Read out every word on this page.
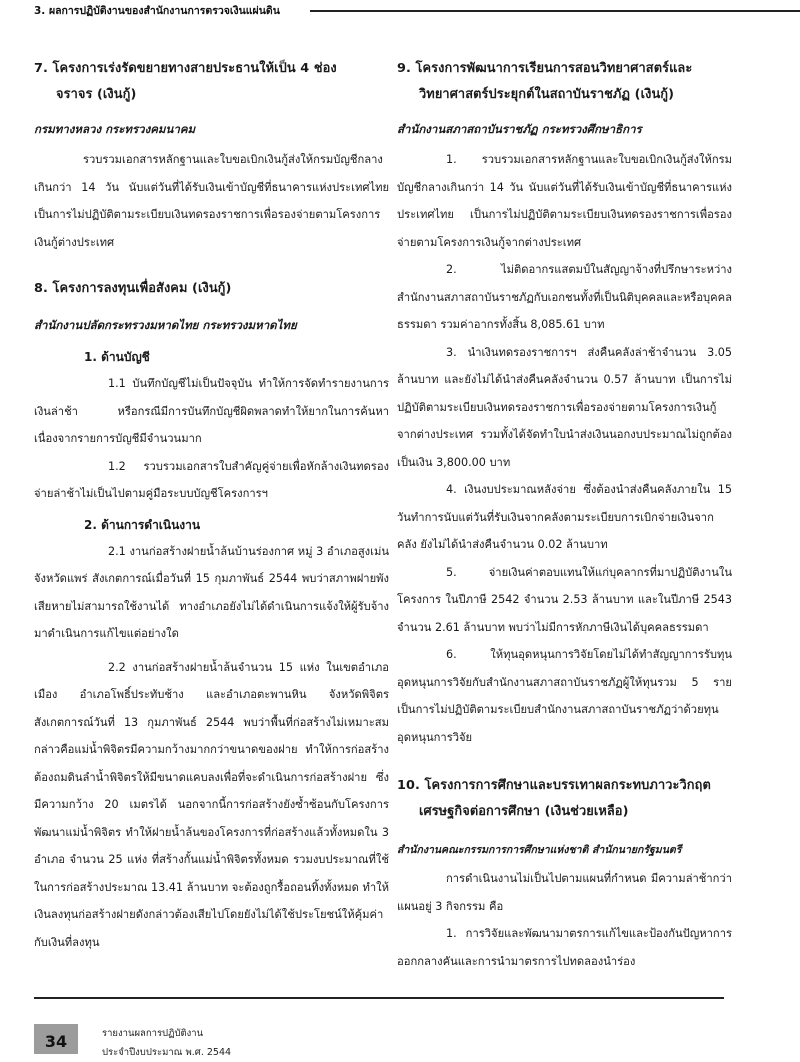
3. ผลการปฏิบัติงานของสำนักงานการตรวจเงินแผ่นดิน

7. โครงการเร่งรัดขยายทางสายประธานให้เป็น 4 ช่อง
จราจร (เงินกู้)

กรมทางหลวง กระทรวงคมนาคม

รวบรวมเอกสารหลักฐานและใบขอเบิกเงินกู้ส่งให้กรมบัญชีกลางเกินกว่า 14 วัน นับแต่วันที่ได้รับเงินเข้าบัญชีที่ธนาคารแห่งประเทศไทย เป็นการไม่ปฏิบัติตามระเบียบเงินทดรองราชการเพื่อรองจ่ายตามโครงการเงินกู้ต่างประเทศ

8. โครงการลงทุนเพื่อสังคม (เงินกู้)

สำนักงานปลัดกระทรวงมหาดไทย กระทรวงมหาดไทย

1. ด้านบัญชี

1.1 บันทึกบัญชีไม่เป็นปัจจุบัน ทำให้การจัดทำรายงานการเงินล่าช้า หรือกรณีมีการบันทึกบัญชีผิดพลาดทำให้ยากในการค้นหา เนื่องจากรายการบัญชีมีจำนวนมาก

1.2 รวบรวมเอกสารใบสำคัญคู่จ่ายเพื่อหักล้างเงินทดรองจ่ายล่าช้าไม่เป็นไปตามคู่มือระบบบัญชีโครงการฯ

2. ด้านการดำเนินงาน

2.1 งานก่อสร้างฝายน้ำล้นบ้านร่องกาศ หมู่ 3 อำเภอสูงเม่น จังหวัดแพร่ สังเกตการณ์เมื่อวันที่ 15 กุมภาพันธ์ 2544 พบว่าสภาพฝายพังเสียหายไม่สามารถใช้งานได้ ทางอำเภอยังไม่ได้ดำเนินการแจ้งให้ผู้รับจ้างมาดำเนินการแก้ไขแต่อย่างใด

2.2 งานก่อสร้างฝายน้ำล้นจำนวน 15 แห่ง ในเขตอำเภอเมือง อำเภอโพธิ์ประทับช้าง และอำเภอตะพานหิน จังหวัดพิจิตร สังเกตการณ์วันที่ 13 กุมภาพันธ์ 2544 พบว่าพื้นที่ก่อสร้างไม่เหมาะสม กล่าวคือแม่น้ำพิจิตรมีความกว้างมากกว่าขนาดของฝาย ทำให้การก่อสร้างต้องถมดินลำน้ำพิจิตรให้มีขนาดแคบลงเพื่อที่จะดำเนินการก่อสร้างฝาย ซึ่งมีความกว้าง 20 เมตรได้ นอกจากนี้การก่อสร้างยังซ้ำซ้อนกับโครงการพัฒนาแม่น้ำพิจิตร ทำให้ฝายน้ำล้นของโครงการที่ก่อสร้างแล้วทั้งหมดใน 3 อำเภอ จำนวน 25 แห่ง ที่สร้างกั้นแม่น้ำพิจิตรทั้งหมด รวมงบประมาณที่ใช้ในการก่อสร้างประมาณ 13.41 ล้านบาท จะต้องถูกรื้อถอนทิ้งทั้งหมด ทำให้เงินลงทุนก่อสร้างฝายดังกล่าวต้องเสียไปโดยยังไม่ได้ใช้ประโยชน์ให้คุ้มค่ากับเงินที่ลงทุน

9. โครงการพัฒนาการเรียนการสอนวิทยาศาสตร์และ
วิทยาศาสตร์ประยุกต์ในสถาบันราชภัฏ (เงินกู้)

สำนักงานสภาสถาบันราชภัฏ กระทรวงศึกษาธิการ

1. รวบรวมเอกสารหลักฐานและใบขอเบิกเงินกู้ส่งให้กรมบัญชีกลางเกินกว่า 14 วัน นับแต่วันที่ได้รับเงินเข้าบัญชีที่ธนาคารแห่งประเทศไทย เป็นการไม่ปฏิบัติตามระเบียบเงินทดรองราชการเพื่อรองจ่ายตามโครงการเงินกู้จากต่างประเทศ

2. ไม่ติดอากรแสตมป์ในสัญญาจ้างที่ปรึกษาระหว่างสำนักงานสภาสถาบันราชภัฏกับเอกชนทั้งที่เป็นนิติบุคคลและหรือบุคคลธรรมดา รวมค่าอากรทั้งสิ้น 8,085.61 บาท

3. นำเงินทดรองราชการฯ ส่งคืนคลังล่าช้าจำนวน 3.05 ล้านบาท และยังไม่ได้นำส่งคืนคลังจำนวน 0.57 ล้านบาท เป็นการไม่ปฏิบัติตามระเบียบเงินทดรองราชการเพื่อรองจ่ายตามโครงการเงินกู้จากต่างประเทศ รวมทั้งได้จัดทำใบนำส่งเงินนอกงบประมาณไม่ถูกต้อง เป็นเงิน 3,800.00 บาท

4. เงินงบประมาณหลังจ่าย ซึ่งต้องนำส่งคืนคลังภายใน 15 วันทำการนับแต่วันที่รับเงินจากคลังตามระเบียบการเบิกจ่ายเงินจากคลัง ยังไม่ได้นำส่งคืนจำนวน 0.02 ล้านบาท

5. จ่ายเงินค่าตอบแทนให้แก่บุคลากรที่มาปฏิบัติงานในโครงการ ในปีภาษี 2542 จำนวน 2.53 ล้านบาท และในปีภาษี 2543 จำนวน 2.61 ล้านบาท พบว่าไม่มีการหักภาษีเงินได้บุคคลธรรมดา

6. ให้ทุนอุดหนุนการวิจัยโดยไม่ได้ทำสัญญาการรับทุนอุดหนุนการวิจัยกับสำนักงานสภาสถาบันราชภัฏผู้ให้ทุนรวม 5 ราย เป็นการไม่ปฏิบัติตามระเบียบสำนักงานสภาสถาบันราชภัฏว่าด้วยทุนอุดหนุนการวิจัย

10. โครงการการศึกษาและบรรเทาผลกระทบภาวะวิกฤต
เศรษฐกิจต่อการศึกษา (เงินช่วยเหลือ)

สำนักงานคณะกรรมการการศึกษาแห่งชาติ สำนักนายกรัฐมนตรี

การดำเนินงานไม่เป็นไปตามแผนที่กำหนด มีความล่าช้ากว่าแผนอยู่ 3 กิจกรรม คือ

1. การวิจัยและพัฒนามาตรการแก้ไขและป้องกันปัญหาการออกกลางคันและการนำมาตรการไปทดลองนำร่อง

34	รายงานผลการปฏิบัติงาน
ประจำปีงบประมาณ พ.ศ. 2544
